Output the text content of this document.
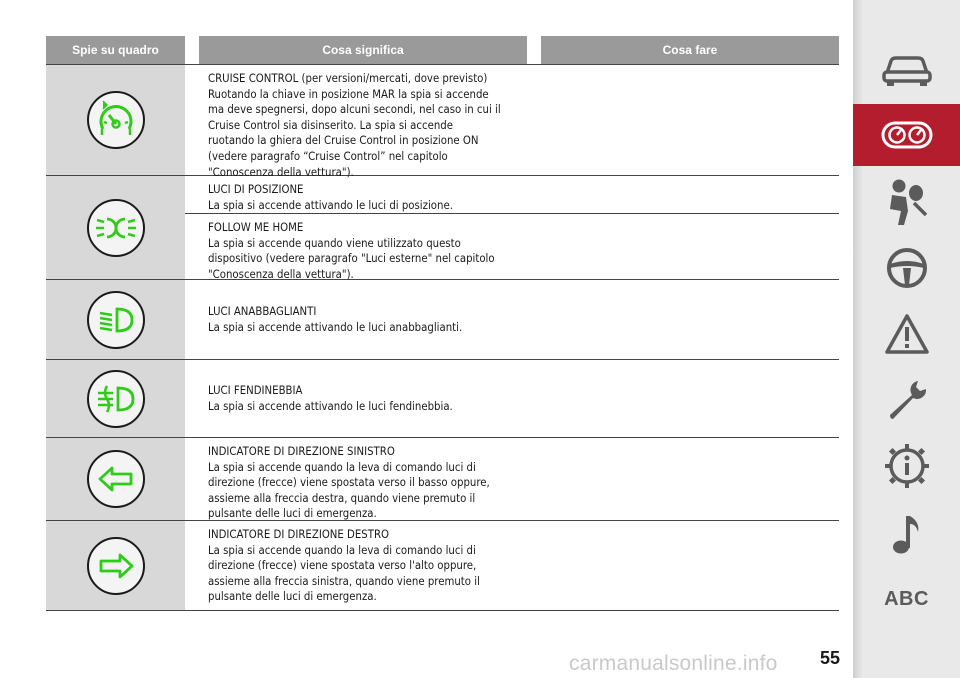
Spie su quadro	Cosa significa	Cosa fare
CRUISE CONTROL (per versioni/mercati, dove previsto)
Ruotando la chiave in posizione MAR la spia si accende
ma deve spegnersi, dopo alcuni secondi, nel caso in cui il
Cruise Control sia disinserito. La spia si accende
ruotando la ghiera del Cruise Control in posizione ON
(vedere paragrafo “Cruise Control” nel capitolo
"Conoscenza della vettura").
LUCI DI POSIZIONE
La spia si accende attivando le luci di posizione.
FOLLOW ME HOME
La spia si accende quando viene utilizzato questo
dispositivo (vedere paragrafo "Luci esterne" nel capitolo
"Conoscenza della vettura").
LUCI ANABBAGLIANTI
La spia si accende attivando le luci anabbaglianti.
LUCI FENDINEBBIA
La spia si accende attivando le luci fendinebbia.
INDICATORE DI DIREZIONE SINISTRO
La spia si accende quando la leva di comando luci di
direzione (frecce) viene spostata verso il basso oppure,
assieme alla freccia destra, quando viene premuto il
pulsante delle luci di emergenza.
INDICATORE DI DIREZIONE DESTRO
La spia si accende quando la leva di comando luci di
direzione (frecce) viene spostata verso l'alto oppure,
assieme alla freccia sinistra, quando viene premuto il
pulsante delle luci di emergenza.	ABC
carmanualsonline.info 55
